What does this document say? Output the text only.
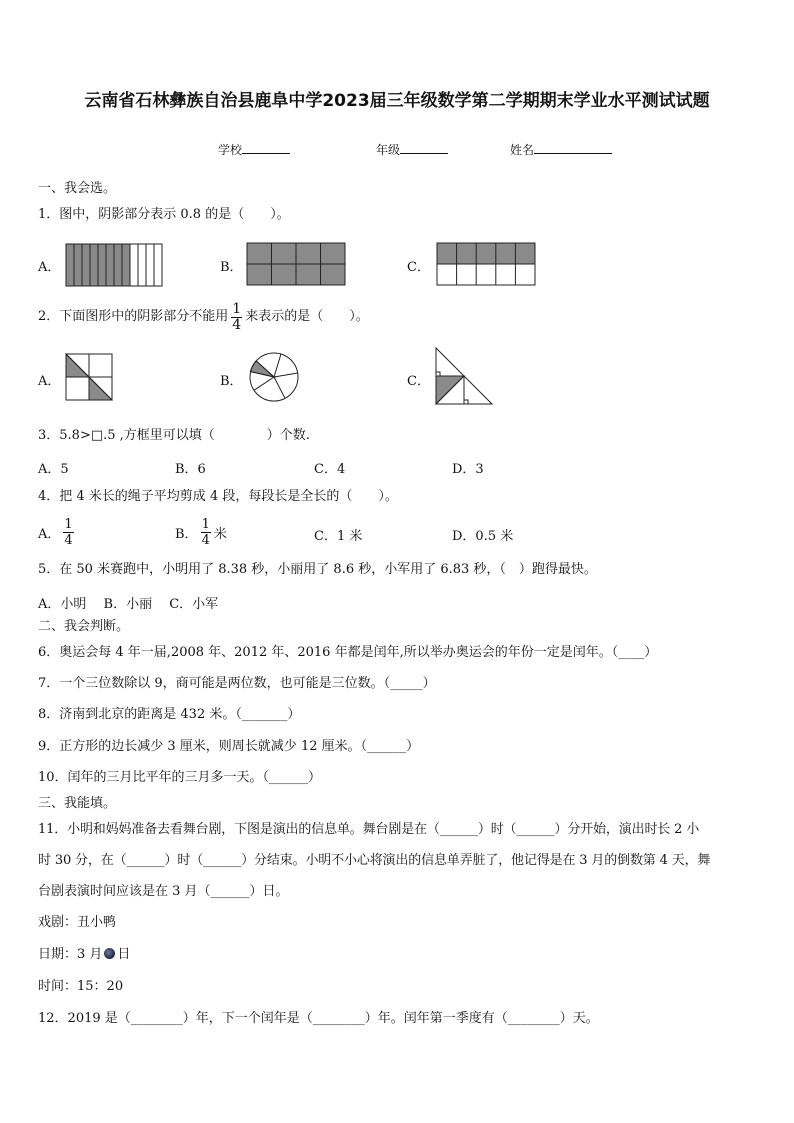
云南省石林彝族自治县鹿阜中学2023届三年级数学第二学期期末学业水平测试试题
学校	年级	姓名
一、我会选。
1．图中，阴影部分表示 0.8 的是（　　）。
A．	B．	C．
2．下面图形中的阴影部分不能用 $\frac{1}{4}$ 来表示的是（　　）。
A．	B．	C．
3．5.8>□.5 ,方框里可以填（　　　　）个数.
A．5	B．6	C．4	D．3
4．把 4 米长的绳子平均剪成 4 段，每段长是全长的（　　）。
A． $\frac{1}{4}$	B． $\frac{1}{4}$ 米	C．1 米	D．0.5 米
5．在 50 米赛跑中，小明用了 8.38 秒，小丽用了 8.6 秒，小军用了 6.83 秒，（　）跑得最快。
A．小明　 B．小丽　 C．小军
二、我会判断。
6．奥运会每 4 年一届,2008 年、2012 年、2016 年都是闰年,所以举办奥运会的年份一定是闰年。（____）
7．一个三位数除以 9，商可能是两位数，也可能是三位数。（_____）
8．济南到北京的距离是 432 米。（_______）
9．正方形的边长减少 3 厘米，则周长就减少 12 厘米。（______）
10．闰年的三月比平年的三月多一天。（______）
三、我能填。
11．小明和妈妈准备去看舞台剧，下图是演出的信息单。舞台剧是在（______）时（______）分开始，演出时长 2 小
时 30 分，在（______）时（______）分结束。小明不小心将演出的信息单弄脏了，他记得是在 3 月的倒数第 4 天，舞
台剧表演时间应该是在 3 月（______）日。
戏剧：丑小鸭
日期：3 月 日
时间：15：20
12．2019 是（________）年，下一个闰年是（________）年。闰年第一季度有（________）天。
